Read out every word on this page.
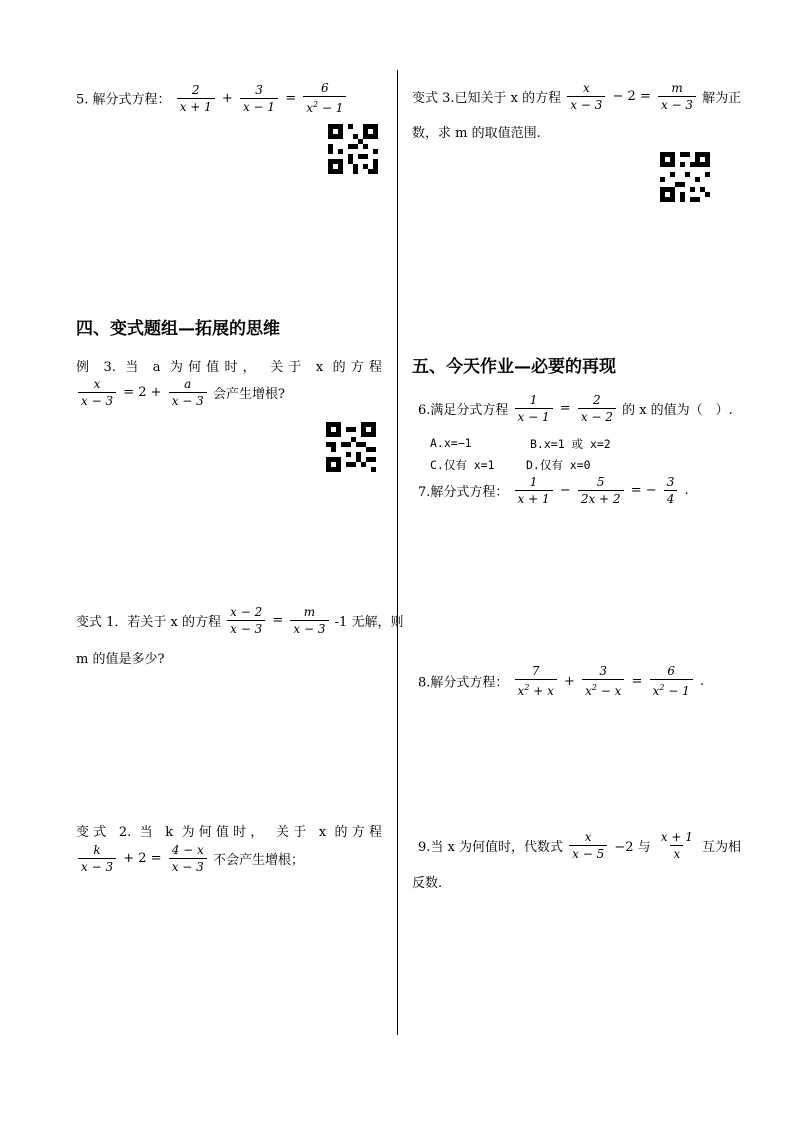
5. 解分式方程： $\frac{2}{x + 1} + \frac{3}{x - 1} = \frac{6}{x^2 - 1}$
四、变式题组—拓展的思维
例 3. 当 a 为何值时， 关于 x 的方程
$\frac{x}{x - 3} = 2 + \frac{a}{x - 3}$ 会产生增根?
变式 1．若关于 x 的方程 $\frac{x - 2}{x - 3} = \frac{m}{x - 3} -1$ 无解，则
m 的值是多少?
变式 2. 当 k 为何值时， 关于 x 的方程
$\frac{k}{x - 3} + 2 = \frac{4 - x}{x - 3}$ 不会产生增根；
变式 3.已知关于 x 的方程 $\frac{x}{x - 3} - 2 = \frac{m}{x - 3}$ 解为正
数，求 m 的取值范围.
五、今天作业—必要的再现
6.满足分式方程 $\frac{1}{x - 1} = \frac{2}{x - 2}$ 的 x 的值为（　）.
A.x=−1	B.x=1 或 x=2
C.仅有 x=1	D.仅有 x=0
7.解分式方程： $\frac{1}{x + 1} - \frac{5}{2x + 2}$ = − $\frac{3}{4}$ .
8.解分式方程： $\frac{7}{x^2 + x} + \frac{3}{x^2 - x} = \frac{6}{x^2 - 1}$ .
9.当 x 为何值时，代数式 $\frac{x}{x - 5} -2$ 与 $\frac{x + 1}{x}$ 互为相
反数.
